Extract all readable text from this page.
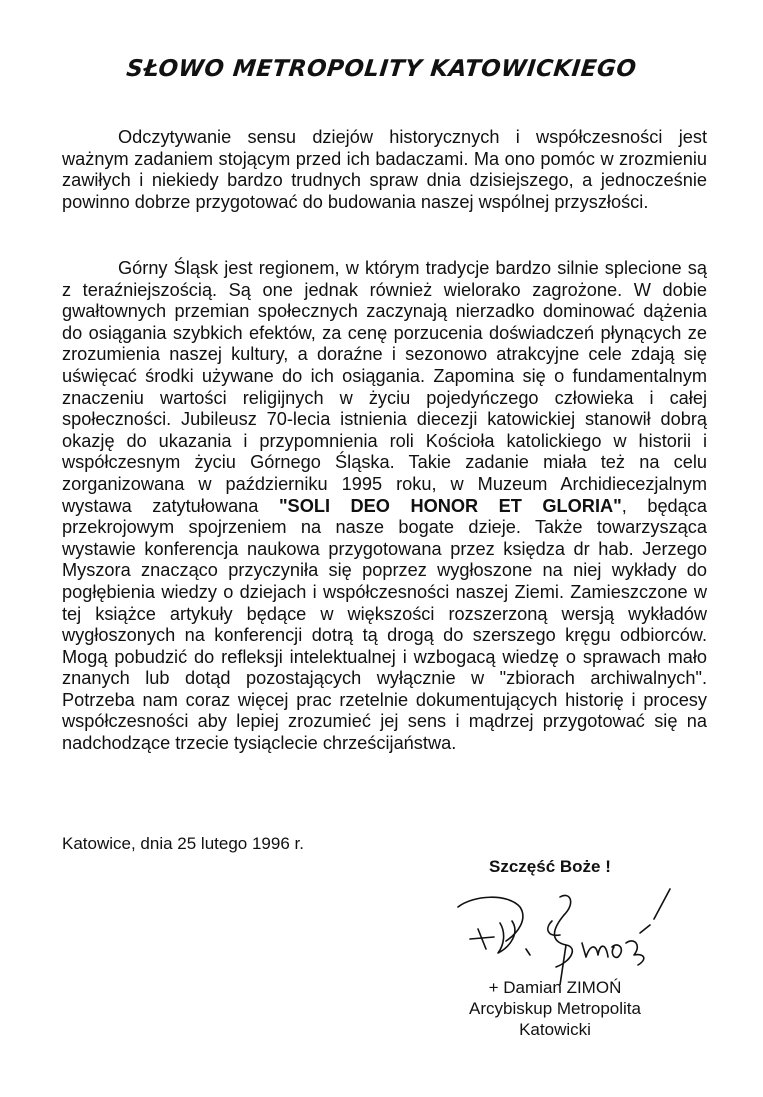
SŁOWO METROPOLITY KATOWICKIEGO

Odczytywanie sensu dziejów historycznych i współczesności jest ważnym zadaniem stojącym przed ich badaczami. Ma ono pomóc w zrozmieniu zawiłych i niekiedy bardzo trudnych spraw dnia dzisiejszego, a jednocześnie powinno dobrze przygotować do budowania naszej wspólnej przyszłości.

Górny Śląsk jest regionem, w którym tradycje bardzo silnie splecione są z teraźniejszością. Są one jednak również wielorako zagrożone. W dobie gwałtownych przemian społecznych zaczynają nierzadko dominować dążenia do osiągania szybkich efektów, za cenę porzucenia doświadczeń płynących ze zrozumienia naszej kultury, a doraźne i sezonowo atrakcyjne cele zdają się uświęcać środki używane do ich osiągania. Zapomina się o fundamentalnym znaczeniu wartości religijnych w życiu pojedyńczego człowieka i całej społeczności. Jubileusz 70-lecia istnienia diecezji katowickiej stanowił dobrą okazję do ukazania i przypomnienia roli Kościoła katolickiego w historii i współczesnym życiu Górnego Śląska. Takie zadanie miała też na celu zorganizowana w październiku 1995 roku, w Muzeum Archidiecezjalnym wystawa zatytułowana "SOLI DEO HONOR ET GLORIA", będąca przekrojowym spojrzeniem na nasze bogate dzieje. Także towarzysząca wystawie konferencja naukowa przygotowana przez księdza dr hab. Jerzego Myszora znacząco przyczyniła się poprzez wygłoszone na niej wykłady do pogłębienia wiedzy o dziejach i współczesności naszej Ziemi. Zamieszczone w tej książce artykuły będące w większości rozszerzoną wersją wykładów wygłoszonych na konferencji dotrą tą drogą do szerszego kręgu odbiorców. Mogą pobudzić do refleksji intelektualnej i wzbogacą wiedzę o sprawach mało znanych lub dotąd pozostających wyłącznie w "zbiorach archiwalnych". Potrzeba nam coraz więcej prac rzetelnie dokumentujących historię i procesy współczesności aby lepiej zrozumieć jej sens i mądrzej przygotować się na nadchodzące trzecie tysiąclecie chrześcijaństwa.

Katowice, dnia 25 lutego 1996 r.

Szczęść Boże !

+ Damian ZIMOŃ
Arcybiskup Metropolita
Katowicki
